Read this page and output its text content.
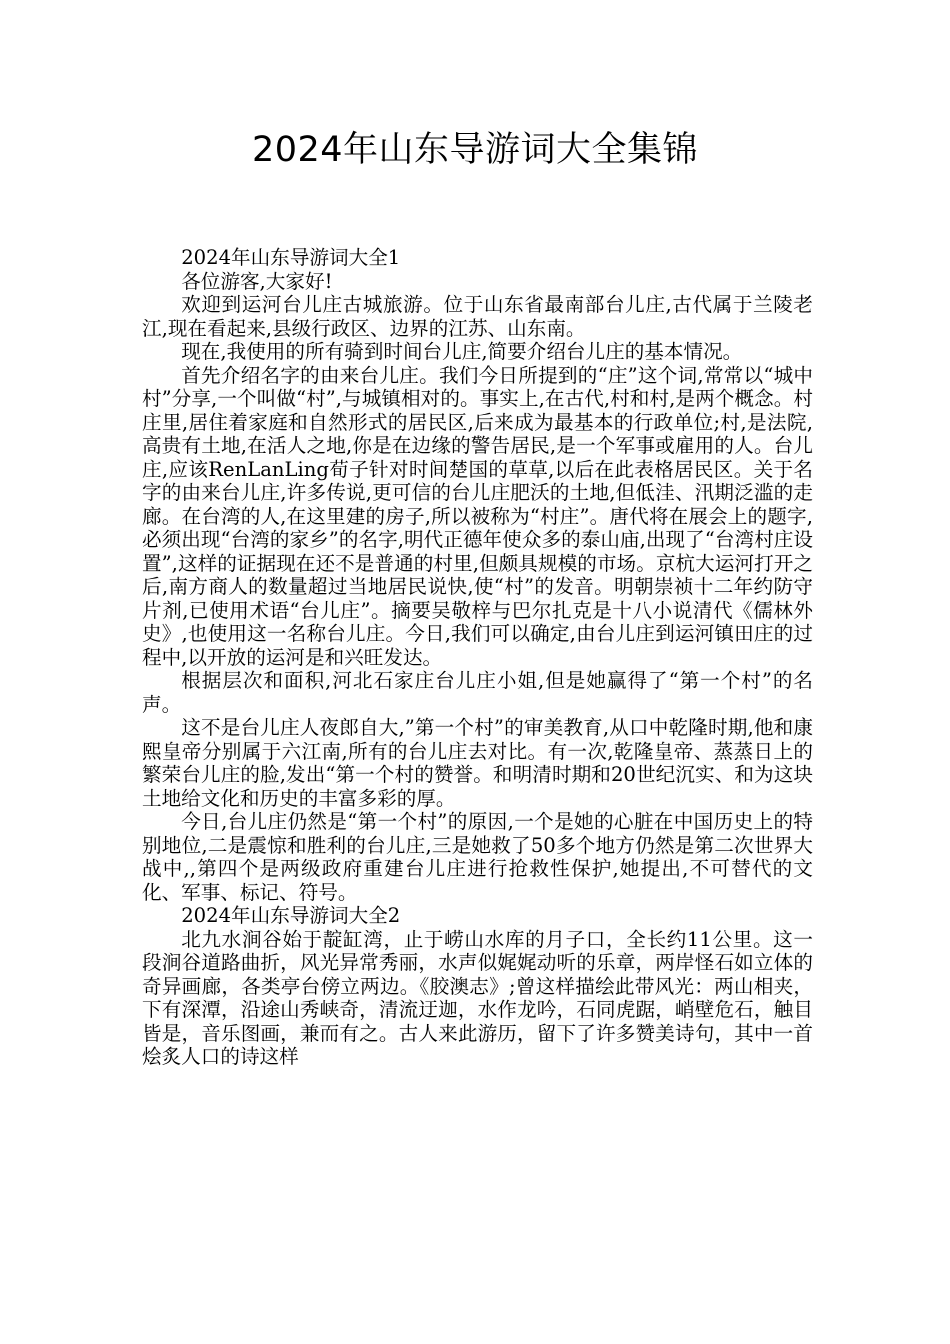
2024年山东导游词大全集锦

2024年山东导游词大全1

各位游客,大家好!

欢迎到运河台儿庄古城旅游。位于山东省最南部台儿庄,古代属于兰陵老江,现在看起来,县级行政区、边界的江苏、山东南。

现在,我使用的所有骑到时间台儿庄,简要介绍台儿庄的基本情况。

首先介绍名字的由来台儿庄。我们今日所提到的“庄”这个词,常常以“城中村”分享,一个叫做“村”,与城镇相对的。事实上,在古代,村和村,是两个概念。村庄里,居住着家庭和自然形式的居民区,后来成为最基本的行政单位;村,是法院,高贵有土地,在活人之地,你是在边缘的警告居民,是一个军事或雇用的人。台儿庄,应该RenLanLing荀子针对时间楚国的草草,以后在此表格居民区。关于名字的由来台儿庄,许多传说,更可信的台儿庄肥沃的土地,但低洼、汛期泛滥的走廊。在台湾的人,在这里建的房子,所以被称为“村庄”。唐代将在展会上的题字,必须出现“台湾的家乡”的名字,明代正德年使众多的泰山庙,出现了“台湾村庄设置”,这样的证据现在还不是普通的村里,但颇具规模的市场。京杭大运河打开之后,南方商人的数量超过当地居民说快,使“村”的发音。明朝崇祯十二年约防守片剂,已使用术语“台儿庄”。摘要吴敬梓与巴尔扎克是十八小说清代《儒林外史》,也使用这一名称台儿庄。今日,我们可以确定,由台儿庄到运河镇田庄的过程中,以开放的运河是和兴旺发达。

根据层次和面积,河北石家庄台儿庄小姐,但是她赢得了“第一个村”的名声。

这不是台儿庄人夜郎自大,”第一个村”的审美教育,从口中乾隆时期,他和康熙皇帝分别属于六江南,所有的台儿庄去对比。有一次,乾隆皇帝、蒸蒸日上的繁荣台儿庄的脸,发出“第一个村的赞誉。和明清时期和20世纪沉实、和为这块土地给文化和历史的丰富多彩的厚。

今日,台儿庄仍然是“第一个村”的原因,一个是她的心脏在中国历史上的特别地位,二是震惊和胜利的台儿庄,三是她救了50多个地方仍然是第二次世界大战中,,第四个是两级政府重建台儿庄进行抢救性保护,她提出,不可替代的文化、军事、标记、符号。

2024年山东导游词大全2

北九水涧谷始于靛缸湾，止于崂山水库的月子口，全长约11公里。这一段涧谷道路曲折，风光异常秀丽，水声似娓娓动听的乐章，两岸怪石如立体的奇异画廊，各类亭台傍立两边。《胶澳志》;曾这样描绘此带风光：两山相夹，下有深潭，沿途山秀峡奇，清流迂迦，水作龙吟，石同虎踞，峭壁危石，触目皆是，音乐图画，兼而有之。古人来此游历，留下了许多赞美诗句，其中一首烩炙人口的诗这样
